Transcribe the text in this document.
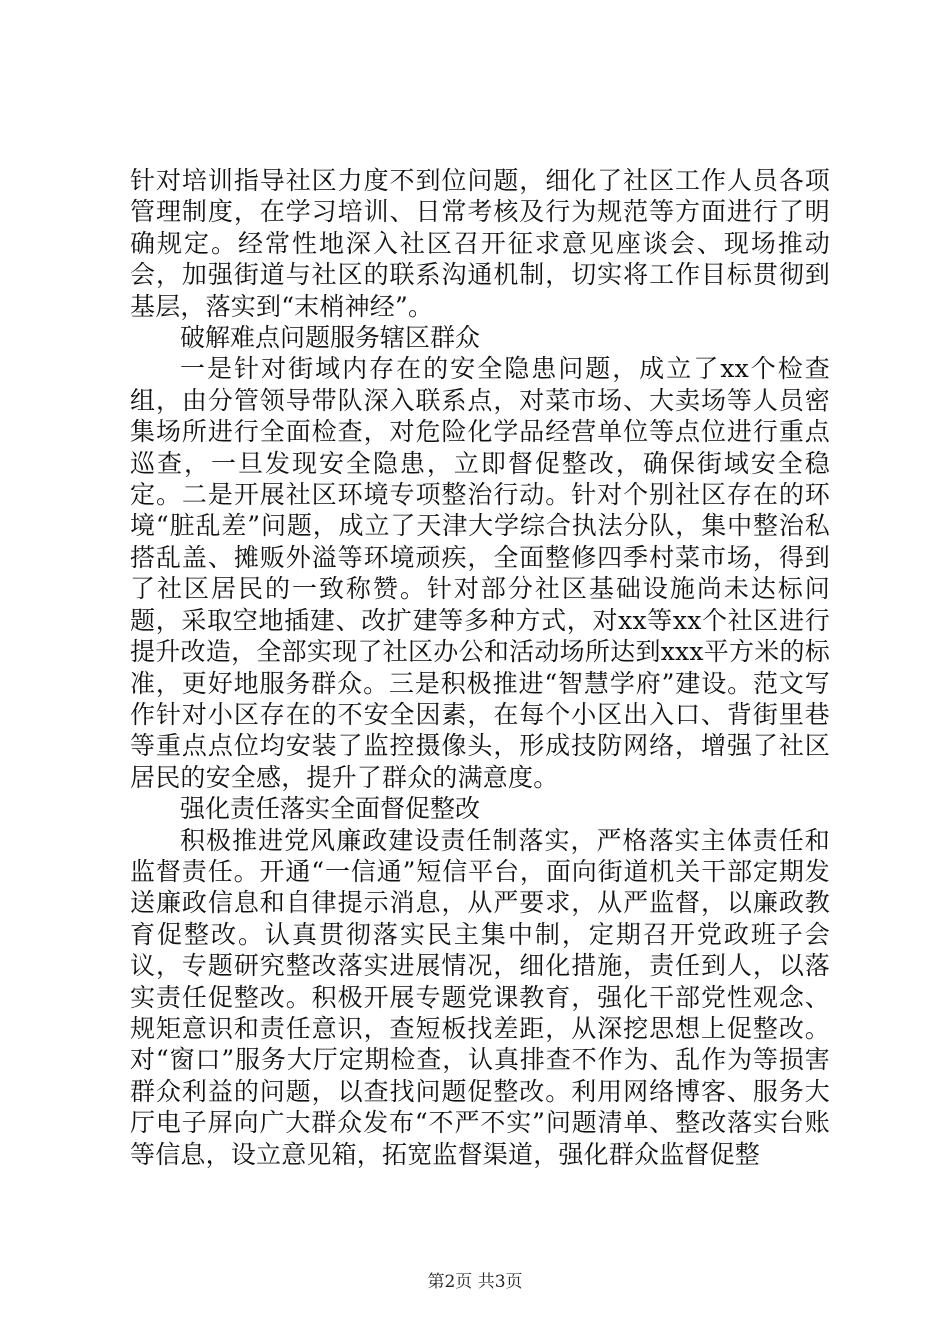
针对培训指导社区力度不到位问题，细化了社区工作人员各项管理制度，在学习培训、日常考核及行为规范等方面进行了明确规定。经常性地深入社区召开征求意见座谈会、现场推动会，加强街道与社区的联系沟通机制，切实将工作目标贯彻到基层，落实到“末梢神经”。

破解难点问题服务辖区群众

一是针对街域内存在的安全隐患问题，成立了xx个检查组，由分管领导带队深入联系点，对菜市场、大卖场等人员密集场所进行全面检查，对危险化学品经营单位等点位进行重点巡查，一旦发现安全隐患，立即督促整改，确保街域安全稳定。二是开展社区环境专项整治行动。针对个别社区存在的环境“脏乱差”问题，成立了天津大学综合执法分队，集中整治私搭乱盖、摊贩外溢等环境顽疾，全面整修四季村菜市场，得到了社区居民的一致称赞。针对部分社区基础设施尚未达标问题，采取空地插建、改扩建等多种方式，对xx等xx个社区进行提升改造，全部实现了社区办公和活动场所达到xxx平方米的标准，更好地服务群众。三是积极推进“智慧学府”建设。范文写作针对小区存在的不安全因素，在每个小区出入口、背街里巷等重点点位均安装了监控摄像头，形成技防网络，增强了社区居民的安全感，提升了群众的满意度。

强化责任落实全面督促整改

积极推进党风廉政建设责任制落实，严格落实主体责任和监督责任。开通“一信通”短信平台，面向街道机关干部定期发送廉政信息和自律提示消息，从严要求，从严监督，以廉政教育促整改。认真贯彻落实民主集中制，定期召开党政班子会议，专题研究整改落实进展情况，细化措施，责任到人，以落实责任促整改。积极开展专题党课教育，强化干部党性观念、规矩意识和责任意识，查短板找差距，从深挖思想上促整改。对“窗口”服务大厅定期检查，认真排查不作为、乱作为等损害群众利益的问题，以查找问题促整改。利用网络博客、服务大厅电子屏向广大群众发布“不严不实”问题清单、整改落实台账等信息，设立意见箱，拓宽监督渠道，强化群众监督促整

第2页 共3页
